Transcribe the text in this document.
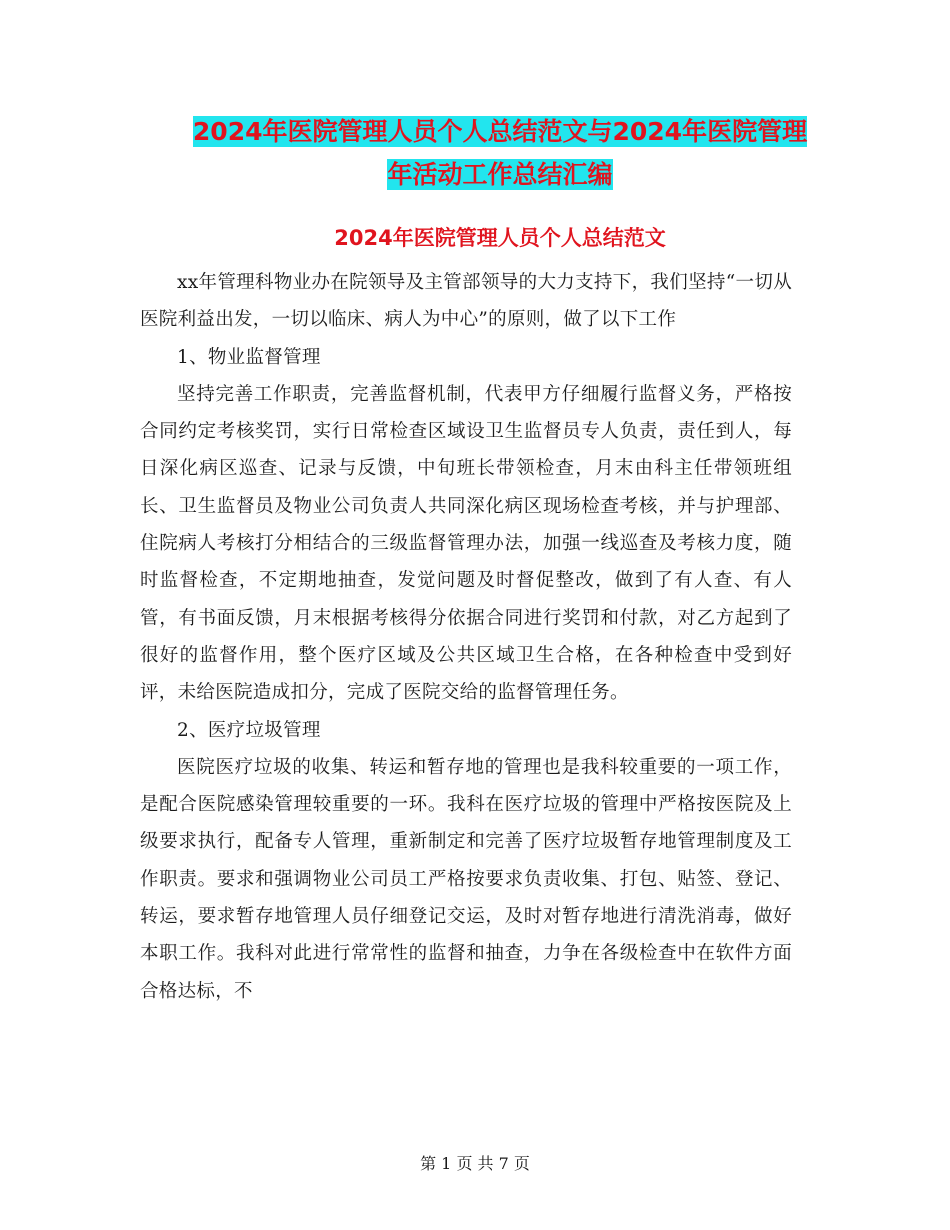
2024年医院管理人员个人总结范文与2024年医院管理
年活动工作总结汇编
2024年医院管理人员个人总结范文

xx年管理科物业办在院领导及主管部领导的大力支持下，我们坚持“一切从医院利益出发，一切以临床、病人为中心”的原则，做了以下工作

1、物业监督管理

坚持完善工作职责，完善监督机制，代表甲方仔细履行监督义务，严格按合同约定考核奖罚，实行日常检查区域设卫生监督员专人负责，责任到人，每日深化病区巡查、记录与反馈，中旬班长带领检查，月末由科主任带领班组长、卫生监督员及物业公司负责人共同深化病区现场检查考核，并与护理部、住院病人考核打分相结合的三级监督管理办法，加强一线巡查及考核力度，随时监督检查，不定期地抽查，发觉问题及时督促整改，做到了有人查、有人管，有书面反馈，月末根据考核得分依据合同进行奖罚和付款，对乙方起到了很好的监督作用，整个医疗区域及公共区域卫生合格，在各种检查中受到好评，未给医院造成扣分，完成了医院交给的监督管理任务。

2、医疗垃圾管理

医院医疗垃圾的收集、转运和暂存地的管理也是我科较重要的一项工作，是配合医院感染管理较重要的一环。我科在医疗垃圾的管理中严格按医院及上级要求执行，配备专人管理，重新制定和完善了医疗垃圾暂存地管理制度及工作职责。要求和强调物业公司员工严格按要求负责收集、打包、贴签、登记、转运，要求暂存地管理人员仔细登记交运，及时对暂存地进行清洗消毒，做好本职工作。我科对此进行常常性的监督和抽查，力争在各级检查中在软件方面合格达标，不

第 1 页 共 7 页
